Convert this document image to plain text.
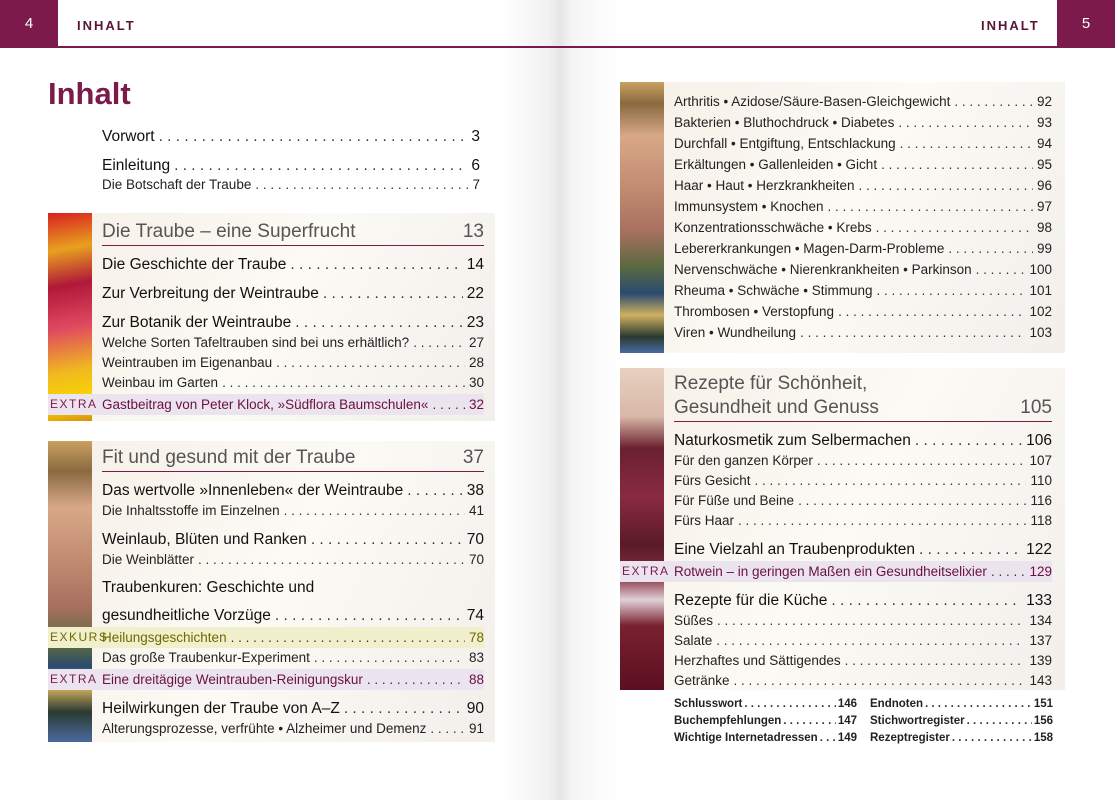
4	INHALT
Inhalt
Vorwort . . .	3
Einleitung . . .	6
Die Botschaft der Traube . . .	7
Die Traube – eine Superfrucht	13
Die Geschichte der Traube . . .	14
Zur Verbreitung der Weintraube . . .	22
Zur Botanik der Weintraube . . .	23
Welche Sorten Tafeltrauben sind bei uns erhältlich? . . .	27
Weintrauben im Eigenanbau . . .	28
Weinbau im Garten . . .	30
EXTRA Gastbeitrag von Peter Klock, »Südflora Baumschulen« . . .	32
Fit und gesund mit der Traube	37
Das wertvolle »Innenleben« der Weintraube . . .	38
Die Inhaltsstoffe im Einzelnen . . .	41
Weinlaub, Blüten und Ranken . . .	70
Die Weinblätter . . .	70
Traubenkuren: Geschichte und
gesundheitliche Vorzüge . . .	74
EXKURS
Heilungsgeschichten . . .	78
Das große Traubenkur-Experiment . . .	83
EXTRA Eine dreitägige Weintrauben-Reinigungskur . . .	88
Heilwirkungen der Traube von A–Z . . .	90
Alterungsprozesse, verfrühte • Alzheimer und Demenz . . .	91
5
INHALT
Arthritis • Azidose/Säure-Basen-Gleichgewicht . . .	92
Bakterien • Bluthochdruck • Diabetes . . .	93
Durchfall • Entgiftung, Entschlackung . . .	94
Erkältungen • Gallenleiden • Gicht . . .	95
Haar • Haut • Herzkrankheiten . . .	96
Immunsystem • Knochen . . .	97
Konzentrationsschwäche • Krebs . . .	98
Lebererkrankungen • Magen-Darm-Probleme . . .	99
Nervenschwäche • Nierenkrankheiten • Parkinson . . .	100
Rheuma • Schwäche • Stimmung . . .	101
Thrombosen • Verstopfung . . .	102
Viren • Wundheilung . . .	103
Rezepte für Schönheit,
Gesundheit und Genuss	105
Naturkosmetik zum Selbermachen . . .	106
Für den ganzen Körper . . .	107
Fürs Gesicht . . .	110
Für Füße und Beine . . .	116
Fürs Haar . . .	118
Eine Vielzahl an Traubenprodukten . . .	122
EXTRA Rotwein – in geringen Maßen ein Gesundheitselixier . . .	129
Rezepte für die Küche . . .	133
Süßes . . .	134
Salate . . .	137
Herzhaftes und Sättigendes . . .	139
Getränke . . .	143
Schlusswort . . .	146
Buchempfehlungen . . .	147
Wichtige Internetadressen . . . 149
Endnoten . . .	151
Stichwortregister . . .	156
Rezeptregister . . .	158
